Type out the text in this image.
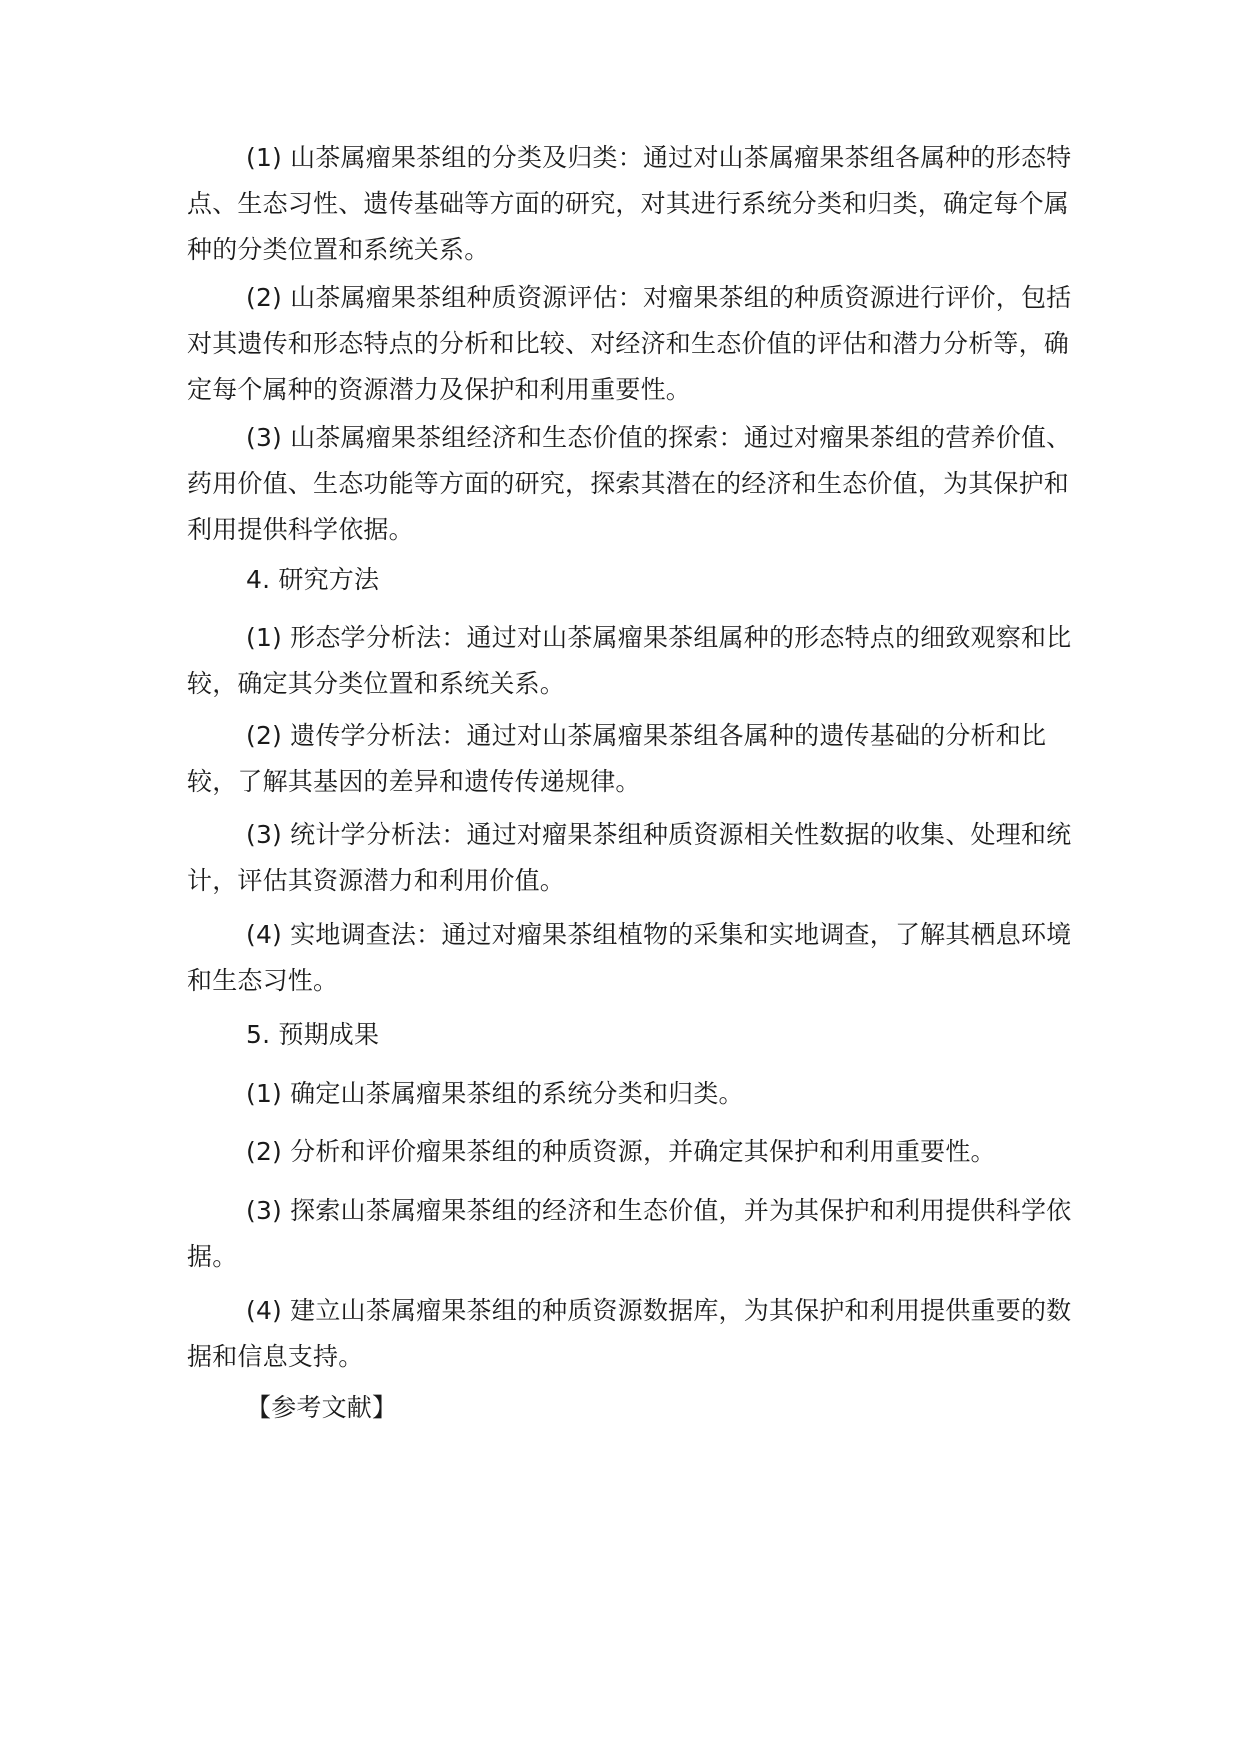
(1) 山茶属瘤果茶组的分类及归类：通过对山茶属瘤果茶组各属种的形态特点、生态习性、遗传基础等方面的研究，对其进行系统分类和归类，确定每个属种的分类位置和系统关系。

(2) 山茶属瘤果茶组种质资源评估：对瘤果茶组的种质资源进行评价，包括对其遗传和形态特点的分析和比较、对经济和生态价值的评估和潜力分析等，确定每个属种的资源潜力及保护和利用重要性。

(3) 山茶属瘤果茶组经济和生态价值的探索：通过对瘤果茶组的营养价值、药用价值、生态功能等方面的研究，探索其潜在的经济和生态价值，为其保护和利用提供科学依据。

4. 研究方法

(1) 形态学分析法：通过对山茶属瘤果茶组属种的形态特点的细致观察和比较，确定其分类位置和系统关系。

(2) 遗传学分析法：通过对山茶属瘤果茶组各属种的遗传基础的分析和比较，了解其基因的差异和遗传传递规律。

(3) 统计学分析法：通过对瘤果茶组种质资源相关性数据的收集、处理和统计，评估其资源潜力和利用价值。

(4) 实地调查法：通过对瘤果茶组植物的采集和实地调查，了解其栖息环境和生态习性。

5. 预期成果

(1) 确定山茶属瘤果茶组的系统分类和归类。

(2) 分析和评价瘤果茶组的种质资源，并确定其保护和利用重要性。

(3) 探索山茶属瘤果茶组的经济和生态价值，并为其保护和利用提供科学依据。

(4) 建立山茶属瘤果茶组的种质资源数据库，为其保护和利用提供重要的数据和信息支持。

【参考文献】
